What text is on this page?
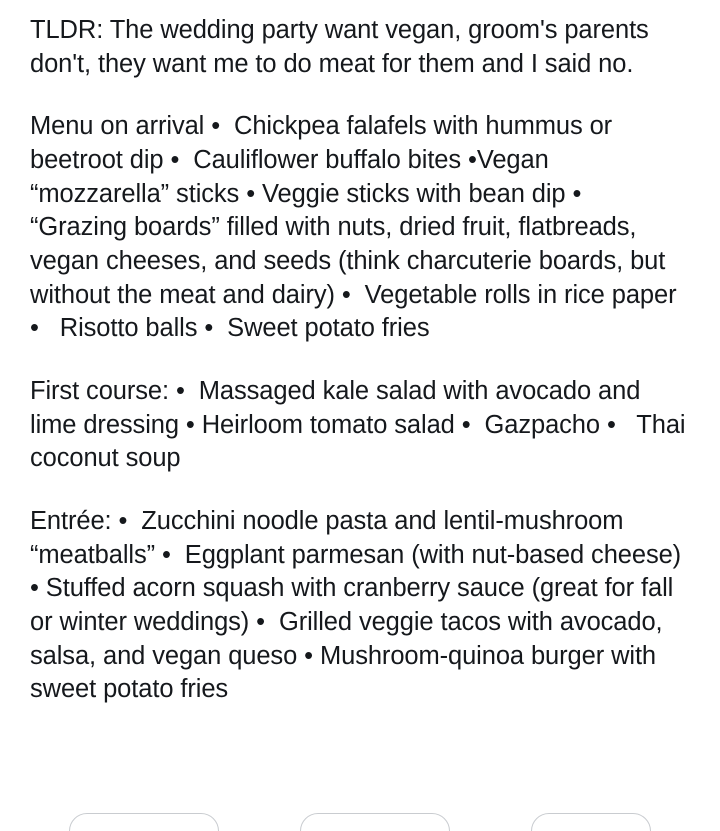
TLDR: The wedding party want vegan, groom's parents don't, they want me to do meat for them and I said no.

Menu on arrival •  Chickpea falafels with hummus or beetroot dip •  Cauliflower buffalo bites •Vegan “mozzarella” sticks • Veggie sticks with bean dip •  “Grazing boards” filled with nuts, dried fruit, flatbreads, vegan cheeses, and seeds (think charcuterie boards, but without the meat and dairy) •  Vegetable rolls in rice paper •   Risotto balls •  Sweet potato fries

First course: •  Massaged kale salad with avocado and lime dressing • Heirloom tomato salad •  Gazpacho •   Thai coconut soup

Entrée: •  Zucchini noodle pasta and lentil-mushroom “meatballs” •  Eggplant parmesan (with nut-based cheese) • Stuffed acorn squash with cranberry sauce (great for fall or winter weddings) •  Grilled veggie tacos with avocado, salsa, and vegan queso • Mushroom-quinoa burger with sweet potato fries
